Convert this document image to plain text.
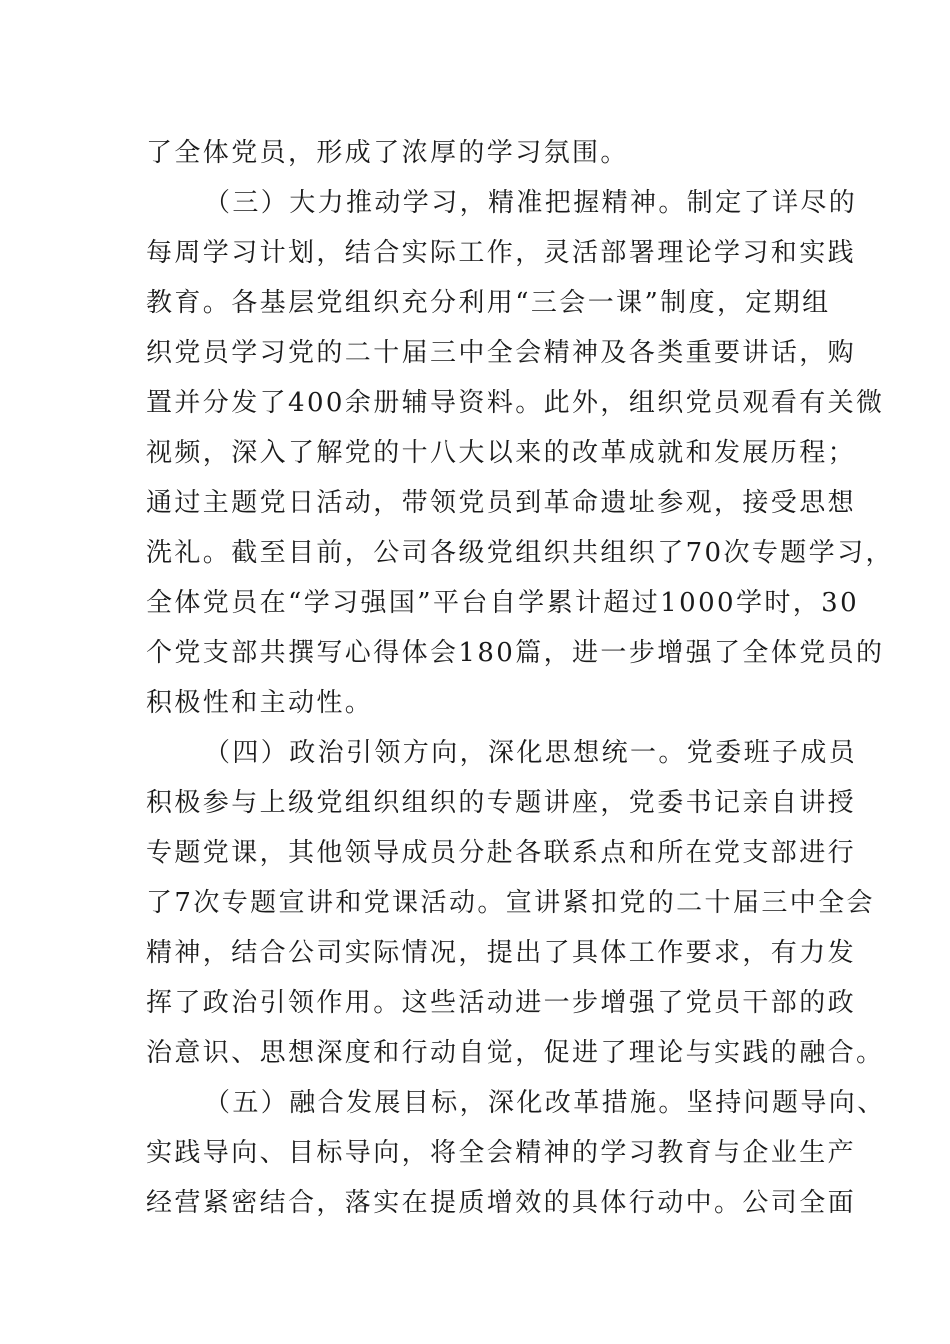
了全体党员，形成了浓厚的学习氛围。
（三）大力推动学习，精准把握精神。制定了详尽的
每周学习计划，结合实际工作，灵活部署理论学习和实践
教育。各基层党组织充分利用“三会一课”制度，定期组
织党员学习党的二十届三中全会精神及各类重要讲话，购
置并分发了400余册辅导资料。此外，组织党员观看有关微
视频，深入了解党的十八大以来的改革成就和发展历程；
通过主题党日活动，带领党员到革命遗址参观，接受思想
洗礼。截至目前，公司各级党组织共组织了70次专题学习，
全体党员在“学习强国”平台自学累计超过1000学时，30
个党支部共撰写心得体会180篇，进一步增强了全体党员的
积极性和主动性。
（四）政治引领方向，深化思想统一。党委班子成员
积极参与上级党组织组织的专题讲座，党委书记亲自讲授
专题党课，其他领导成员分赴各联系点和所在党支部进行
了7次专题宣讲和党课活动。宣讲紧扣党的二十届三中全会
精神，结合公司实际情况，提出了具体工作要求，有力发
挥了政治引领作用。这些活动进一步增强了党员干部的政
治意识、思想深度和行动自觉，促进了理论与实践的融合。
（五）融合发展目标，深化改革措施。坚持问题导向、
实践导向、目标导向，将全会精神的学习教育与企业生产
经营紧密结合，落实在提质增效的具体行动中。公司全面
